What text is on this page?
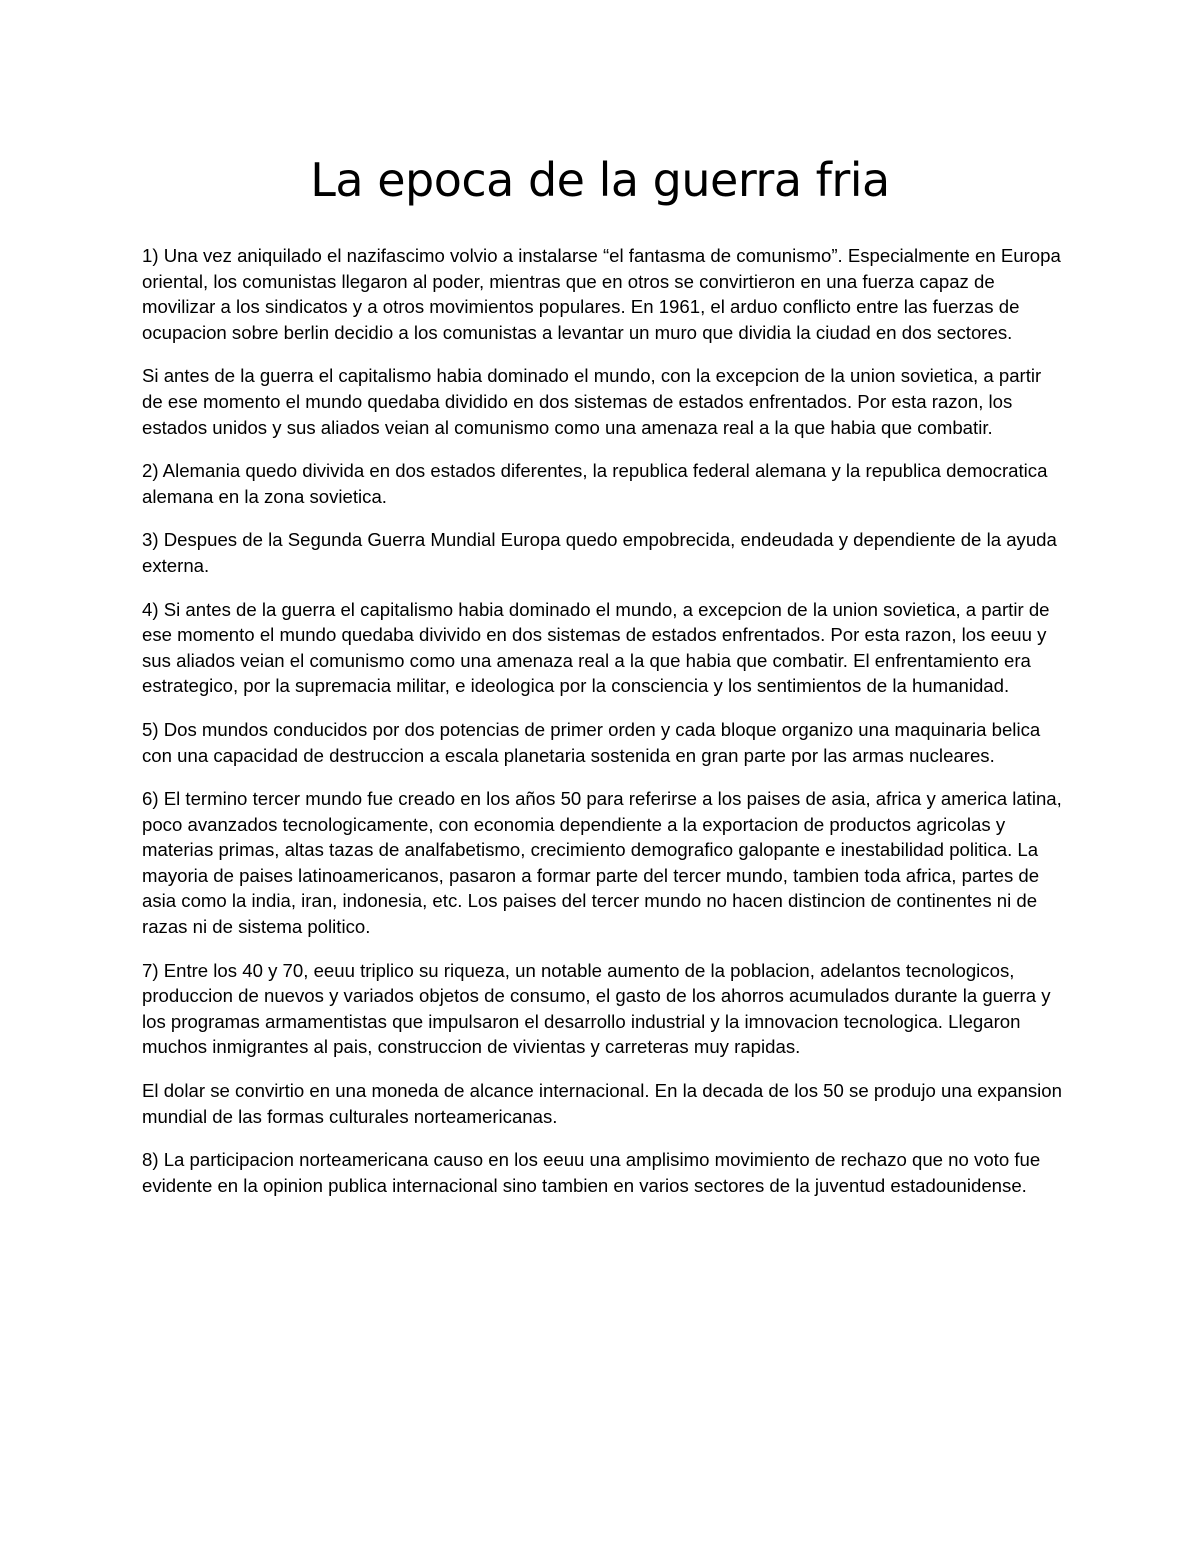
La epoca de la guerra fria

1) Una vez aniquilado el nazifascimo volvio a instalarse “el fantasma de comunismo”. Especialmente en Europa oriental, los comunistas llegaron al poder, mientras que en otros se convirtieron en una fuerza capaz de movilizar a los sindicatos y a otros movimientos populares. En 1961, el arduo conflicto entre las fuerzas de ocupacion sobre berlin decidio a los comunistas a levantar un muro que dividia la ciudad en dos sectores.

Si antes de la guerra el capitalismo habia dominado el mundo, con la excepcion de la union sovietica, a partir de ese momento el mundo quedaba dividido en dos sistemas de estados enfrentados. Por esta razon, los estados unidos y sus aliados veian al comunismo como una amenaza real a la que habia que combatir.

2) Alemania quedo divivida en dos estados diferentes, la republica federal alemana y la republica democratica alemana en la zona sovietica.

3) Despues de la Segunda Guerra Mundial Europa quedo empobrecida, endeudada y dependiente de la ayuda externa.

4) Si antes de la guerra el capitalismo habia dominado el mundo, a excepcion de la union sovietica, a partir de ese momento el mundo quedaba divivido en dos sistemas de estados enfrentados. Por esta razon, los eeuu y sus aliados veian el comunismo como una amenaza real a la que habia que combatir. El enfrentamiento era estrategico, por la supremacia militar, e ideologica por la consciencia y los sentimientos de la humanidad.

5) Dos mundos conducidos por dos potencias de primer orden y cada bloque organizo una maquinaria belica con una capacidad de destruccion a escala planetaria sostenida en gran parte por las armas nucleares.

6) El termino tercer mundo fue creado en los años 50 para referirse a los paises de asia, africa y america latina, poco avanzados tecnologicamente, con economia dependiente a la exportacion de productos agricolas y materias primas, altas tazas de analfabetismo, crecimiento demografico galopante e inestabilidad politica. La mayoria de paises latinoamericanos, pasaron a formar parte del tercer mundo, tambien toda africa, partes de asia como la india, iran, indonesia, etc. Los paises del tercer mundo no hacen distincion de continentes ni de razas ni de sistema politico.

7) Entre los 40 y 70, eeuu triplico su riqueza, un notable aumento de la poblacion, adelantos tecnologicos, produccion de nuevos y variados objetos de consumo, el gasto de los ahorros acumulados durante la guerra y los programas armamentistas que impulsaron el desarrollo industrial y la imnovacion tecnologica. Llegaron muchos inmigrantes al pais, construccion de vivientas y carreteras muy rapidas.

El dolar se convirtio en una moneda de alcance internacional. En la decada de los 50 se produjo una expansion mundial de las formas culturales norteamericanas.

8) La participacion norteamericana causo en los eeuu una amplisimo movimiento de rechazo que no voto fue evidente en la opinion publica internacional sino tambien en varios sectores de la juventud estadounidense.
